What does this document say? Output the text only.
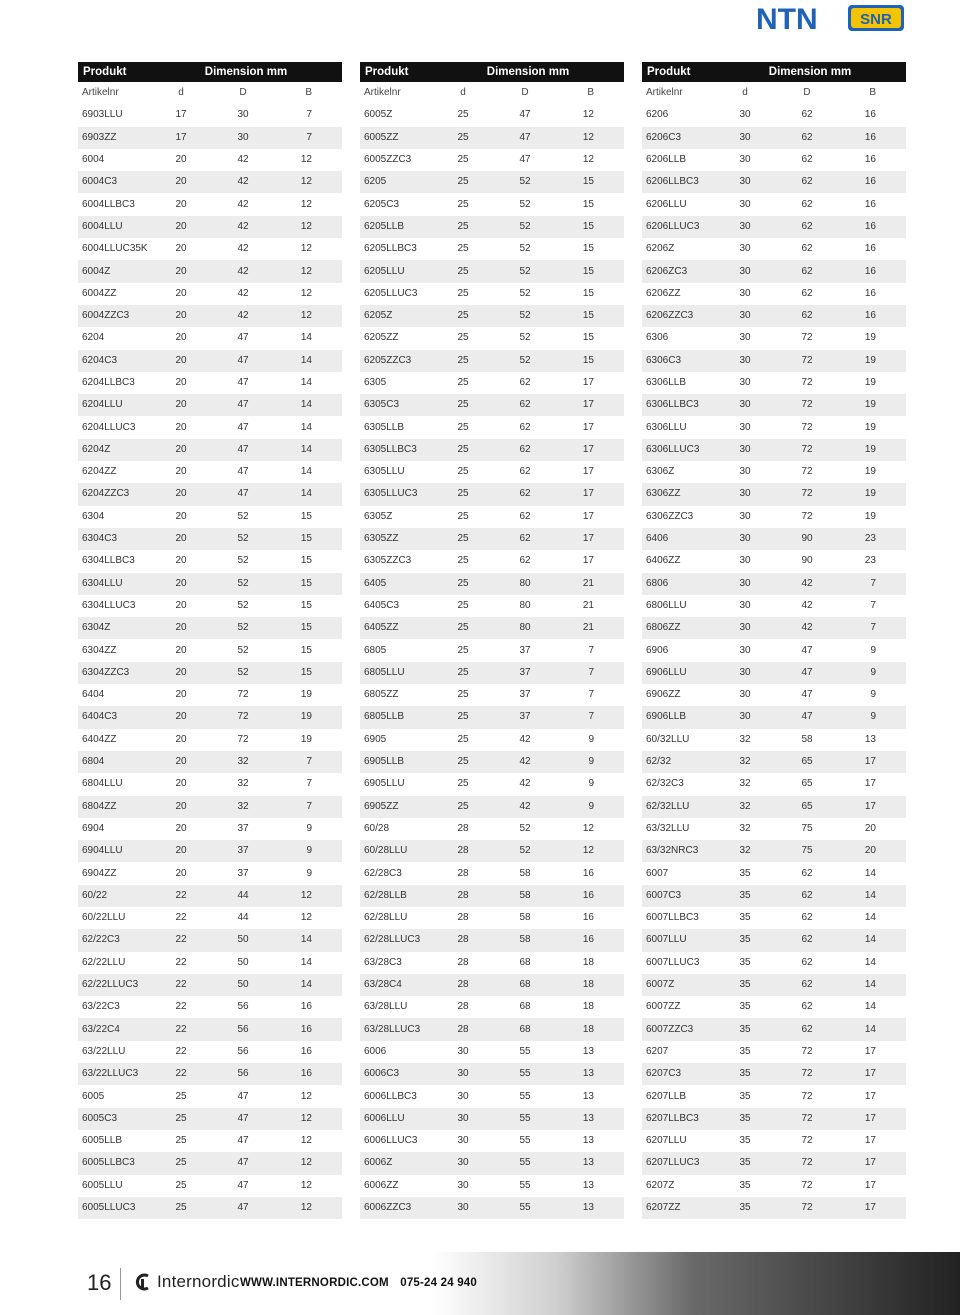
NTN	SNR
Produkt	Dimension mm		
Artikelnr	d	D	B
6903LLU	17	30	7
6903ZZ	17	30	7
6004	20	42	12
6004C3	20	42	12
6004LLBC3	20	42	12
6004LLU	20	42	12
6004LLUC35K	20	42	12
6004Z	20	42	12
6004ZZ	20	42	12
6004ZZC3	20	42	12
6204	20	47	14
6204C3	20	47	14
6204LLBC3	20	47	14
6204LLU	20	47	14
6204LLUC3	20	47	14
6204Z	20	47	14
6204ZZ	20	47	14
6204ZZC3	20	47	14
6304	20	52	15
6304C3	20	52	15
6304LLBC3	20	52	15
6304LLU	20	52	15
6304LLUC3	20	52	15
6304Z	20	52	15
6304ZZ	20	52	15
6304ZZC3	20	52	15
6404	20	72	19
6404C3	20	72	19
6404ZZ	20	72	19
6804	20	32	7
6804LLU	20	32	7
6804ZZ	20	32	7
6904	20	37	9
6904LLU	20	37	9
6904ZZ	20	37	9
60/22	22	44	12
60/22LLU	22	44	12
62/22C3	22	50	14
62/22LLU	22	50	14
62/22LLUC3	22	50	14
63/22C3	22	56	16
63/22C4	22	56	16
63/22LLU	22	56	16
63/22LLUC3	22	56	16
6005	25	47	12
6005C3	25	47	12
6005LLB	25	47	12
6005LLBC3	25	47	12
6005LLU	25	47	12
6005LLUC3	25	47	12
Produkt	Dimension mm		
Artikelnr	d	D	B
6005Z	25	47	12
6005ZZ	25	47	12
6005ZZC3	25	47	12
6205	25	52	15
6205C3	25	52	15
6205LLB	25	52	15
6205LLBC3	25	52	15
6205LLU	25	52	15
6205LLUC3	25	52	15
6205Z	25	52	15
6205ZZ	25	52	15
6205ZZC3	25	52	15
6305	25	62	17
6305C3	25	62	17
6305LLB	25	62	17
6305LLBC3	25	62	17
6305LLU	25	62	17
6305LLUC3	25	62	17
6305Z	25	62	17
6305ZZ	25	62	17
6305ZZC3	25	62	17
6405	25	80	21
6405C3	25	80	21
6405ZZ	25	80	21
6805	25	37	7
6805LLU	25	37	7
6805ZZ	25	37	7
6805LLB	25	37	7
6905	25	42	9
6905LLB	25	42	9
6905LLU	25	42	9
6905ZZ	25	42	9
60/28	28	52	12
60/28LLU	28	52	12
62/28C3	28	58	16
62/28LLB	28	58	16
62/28LLU	28	58	16
62/28LLUC3	28	58	16
63/28C3	28	68	18
63/28C4	28	68	18
63/28LLU	28	68	18
63/28LLUC3	28	68	18
6006	30	55	13
6006C3	30	55	13
6006LLBC3	30	55	13
6006LLU	30	55	13
6006LLUC3	30	55	13
6006Z	30	55	13
6006ZZ	30	55	13
6006ZZC3	30	55	13
Produkt	Dimension mm		
Artikelnr	d	D	B
6206	30	62	16
6206C3	30	62	16
6206LLB	30	62	16
6206LLBC3	30	62	16
6206LLU	30	62	16
6206LLUC3	30	62	16
6206Z	30	62	16
6206ZC3	30	62	16
6206ZZ	30	62	16
6206ZZC3	30	62	16
6306	30	72	19
6306C3	30	72	19
6306LLB	30	72	19
6306LLBC3	30	72	19
6306LLU	30	72	19
6306LLUC3	30	72	19
6306Z	30	72	19
6306ZZ	30	72	19
6306ZZC3	30	72	19
6406	30	90	23
6406ZZ	30	90	23
6806	30	42	7
6806LLU	30	42	7
6806ZZ	30	42	7
6906	30	47	9
6906LLU	30	47	9
6906ZZ	30	47	9
6906LLB	30	47	9
60/32LLU	32	58	13
62/32	32	65	17
62/32C3	32	65	17
62/32LLU	32	65	17
63/32LLU	32	75	20
63/32NRC3	32	75	20
6007	35	62	14
6007C3	35	62	14
6007LLBC3	35	62	14
6007LLU	35	62	14
6007LLUC3	35	62	14
6007Z	35	62	14
6007ZZ	35	62	14
6007ZZC3	35	62	14
6207	35	72	17
6207C3	35	72	17
6207LLB	35	72	17
6207LLBC3	35	72	17
6207LLU	35	72	17
6207LLUC3	35	72	17
6207Z	35	72	17
6207ZZ	35	72	17
16	Internordic WWW.INTERNORDIC.COM 075-24 24 940
